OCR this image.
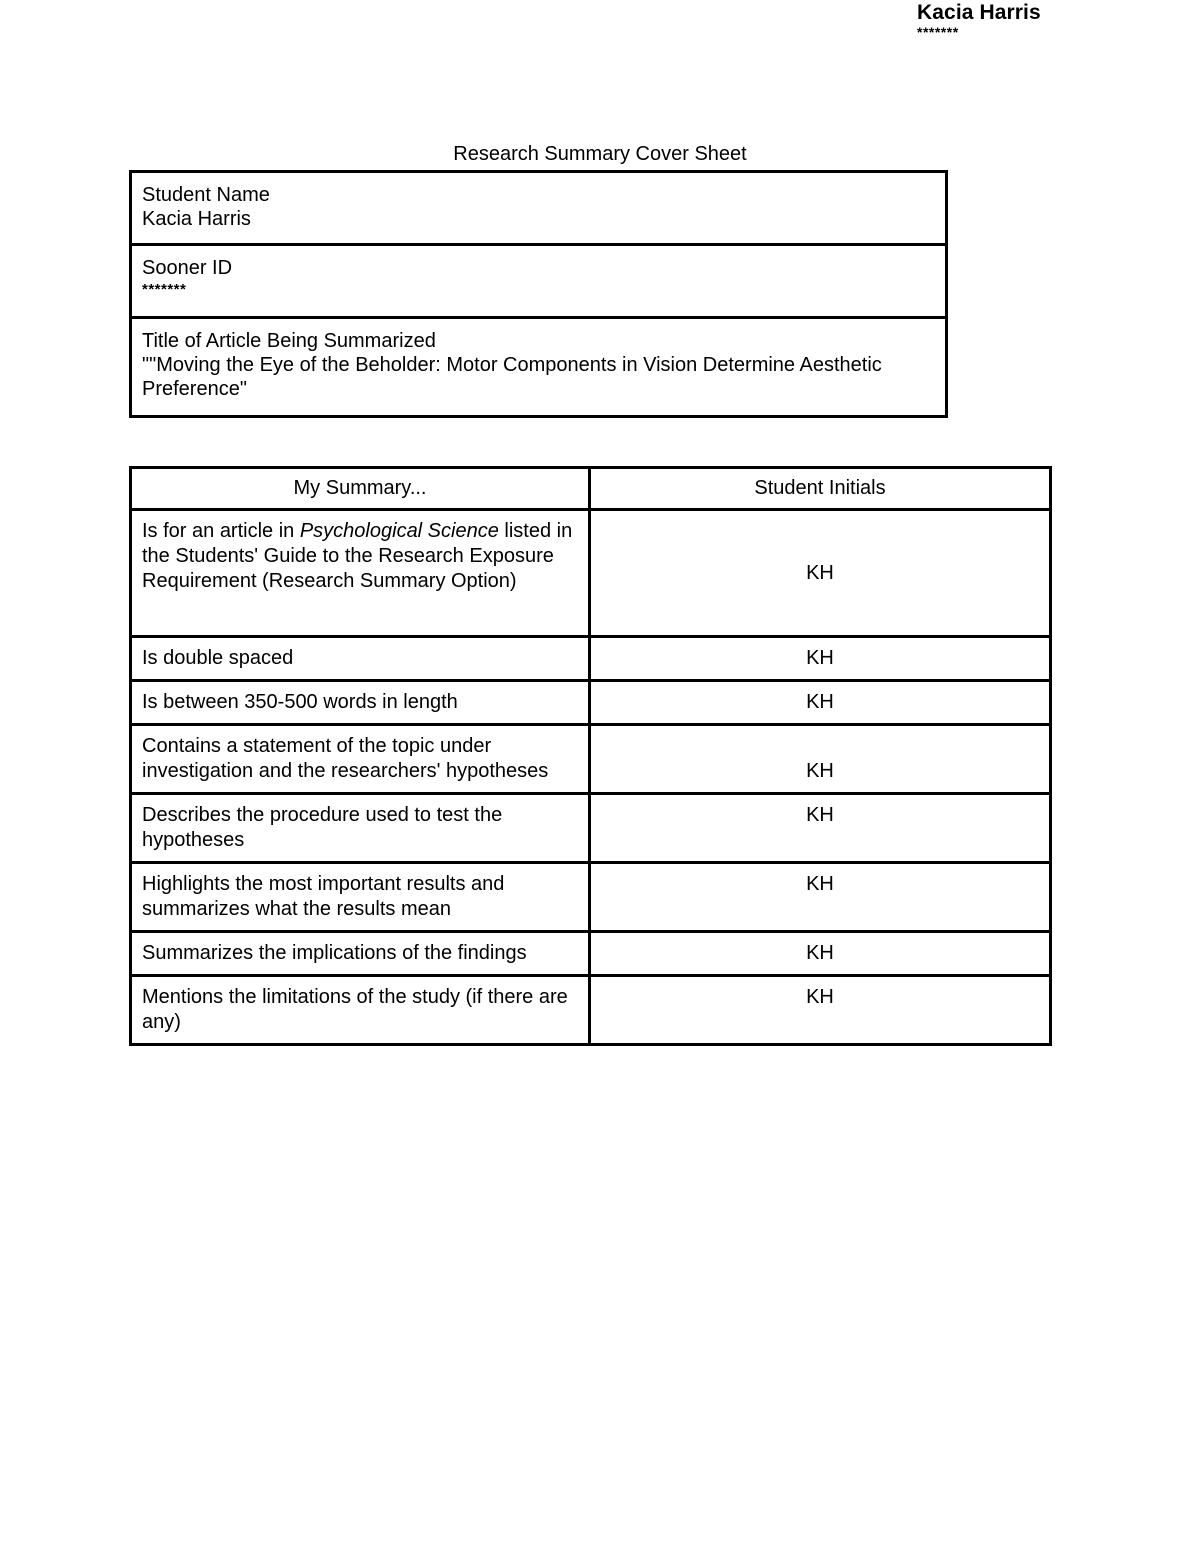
Kacia Harris
*******
Research Summary Cover Sheet
Student Name
Kacia Harris

Sooner ID
*******

Title of Article Being Summarized
""Moving the Eye of the Beholder: Motor Components in Vision Determine Aesthetic Preference"
My Summary...	Student Initials
Is for an article in Psychological Science listed in the Students' Guide to the Research Exposure Requirement (Research Summary Option)	KH
Is double spaced	KH
Is between 350-500 words in length	KH
Contains a statement of the topic under investigation and the researchers' hypotheses	KH
Describes the procedure used to test the hypotheses	KH
Highlights the most important results and summarizes what the results mean	KH
Summarizes the implications of the findings	KH
Mentions the limitations of the study (if there are any)	KH
